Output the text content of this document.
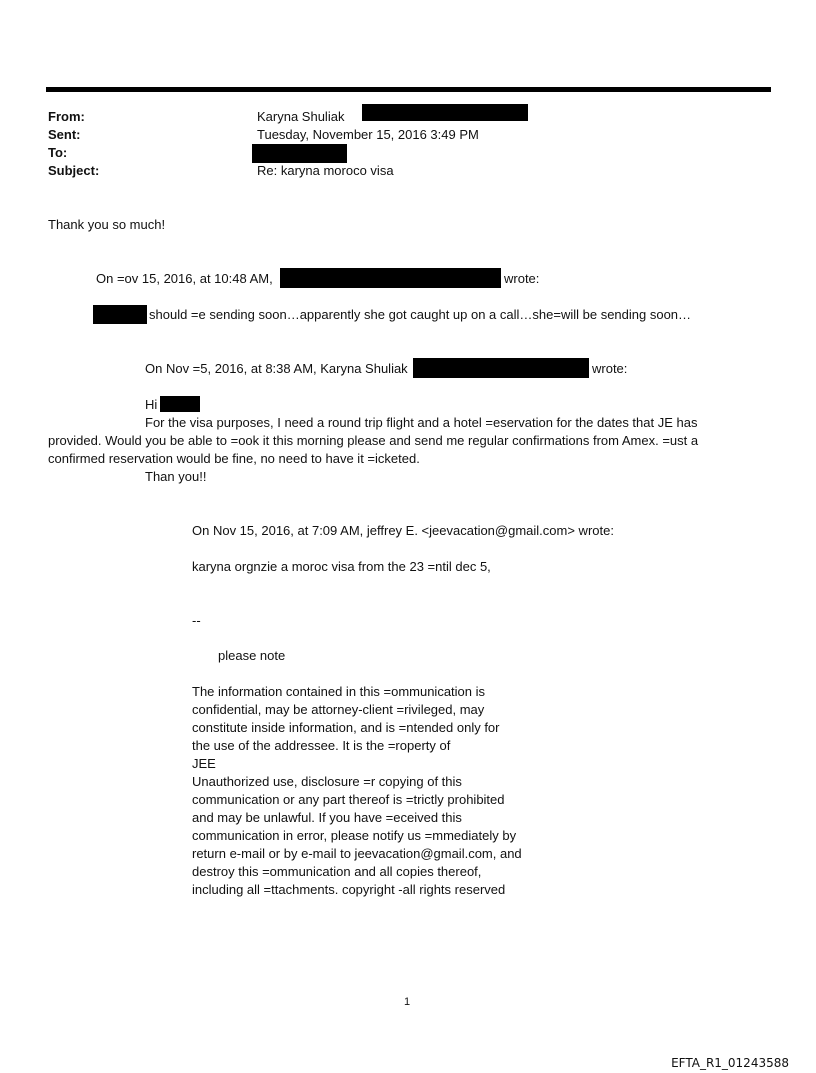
From:
Sent:
To:
Subject:
Karyna Shuliak
Tuesday, November 15, 2016 3:49 PM
Re: karyna moroco visa
Thank you so much!
On =ov 15, 2016, at 10:48 AM,	wrote:
should =e sending soon…apparently she got caught up on a call…she=will be sending soon…
On Nov =5, 2016, at 8:38 AM, Karyna Shuliak	wrote:
Hi
For the visa purposes, I need a round trip flight and a hotel =eservation for the dates that JE has
provided. Would you be able to =ook it this morning please and send me regular confirmations from Amex. =ust a
confirmed reservation would be fine, no need to have it =icketed.
Than you!!
On Nov 15, 2016, at 7:09 AM, jeffrey E. <jeevacation@gmail.com> wrote:
karyna orgnzie a moroc visa from the 23 =ntil dec 5,
--
please note
The information contained in this =ommunication is
confidential, may be attorney-client =rivileged, may
constitute inside information, and is =ntended only for
the use of the addressee. It is the =roperty of
JEE
Unauthorized use, disclosure =r copying of this
communication or any part thereof is =trictly prohibited
and may be unlawful. If you have =eceived this
communication in error, please notify us =mmediately by
return e-mail or by e-mail to jeevacation@gmail.com, and
destroy this =ommunication and all copies thereof,
including all =ttachments. copyright -all rights reserved
1
EFTA_R1_01243588
